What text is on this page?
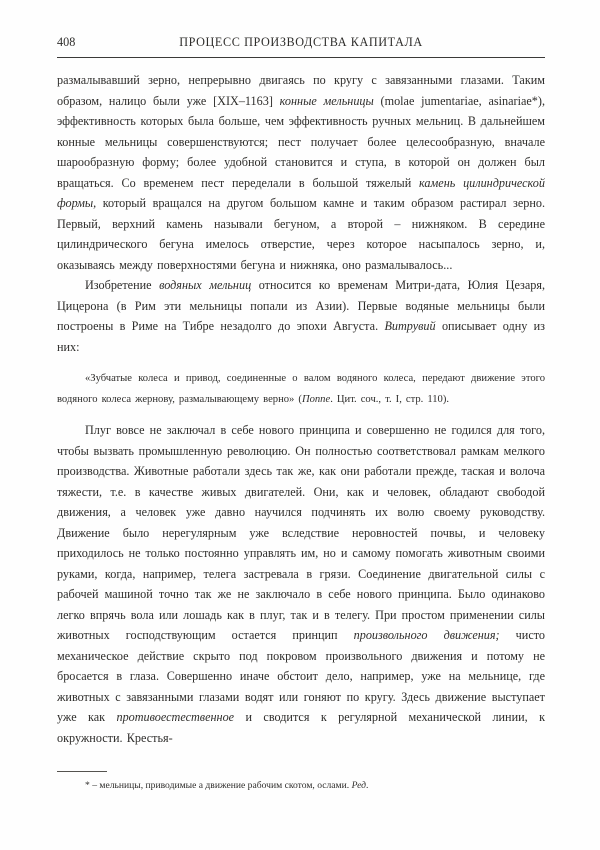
408	ПРОЦЕСС ПРОИЗВОДСТВА КАПИТАЛА

размалывавший зерно, непрерывно двигаясь по кругу с завязанными глазами. Таким образом, налицо были уже [XIX–1163] конные мельницы (molae jumentariae, asinariae*), эффективность которых была больше, чем эффективность ручных мельниц. В дальнейшем конные мельницы совершенствуются; пест получает более целесообразную, вначале шарообразную форму; более удобной становится и ступа, в которой он должен был вращаться. Со временем пест переделали в большой тяжелый камень цилиндрической формы, который вращался на другом большом камне и таким образом растирал зерно. Первый, верхний камень называли бегуном, а второй – нижняком. В середине цилиндрического бегуна имелось отверстие, через которое насыпалось зерно, и, оказываясь между поверхностями бегуна и нижняка, оно размалывалось...

Изобретение водяных мельниц относится ко временам Митри-дата, Юлия Цезаря, Цицерона (в Рим эти мельницы попали из Азии). Первые водяные мельницы были построены в Риме на Тибре незадолго до эпохи Августа. Витрувий описывает одну из них:

«Зубчатые колеса и привод, соединенные о валом водяного колеса, передают движение этого водяного колеса жернову, размалывающему верно» (Поппе. Цит. соч., т. I, стр. 110).

Плуг вовсе не заключал в себе нового принципа и совершенно не годился для того, чтобы вызвать промышленную революцию. Он полностью соответствовал рамкам мелкого производства. Животные работали здесь так же, как они работали прежде, таская и волоча тяжести, т.е. в качестве живых двигателей. Они, как и человек, обладают свободой движения, а человек уже давно научился подчинять их волю своему руководству. Движение было нерегулярным уже вследствие неровностей почвы, и человеку приходилось не только постоянно управлять им, но и самому помогать животным своими руками, когда, например, телега застревала в грязи. Соединение двигательной силы с рабочей машиной точно так же не заключало в себе нового принципа. Было одинаково легко впрячь вола или лошадь как в плуг, так и в телегу. При простом применении силы животных господствующим остается принцип произвольного движения; чисто механическое действие скрыто под покровом произвольного движения и потому не бросается в глаза. Совершенно иначе обстоит дело, например, уже на мельнице, где животных с завязанными глазами водят или гоняют по кругу. Здесь движение выступает уже как противоестественное и сводится к регулярной механической линии, к окружности. Крестья-

* – мельницы, приводимые а движение рабочим скотом, ослами. Ред.
